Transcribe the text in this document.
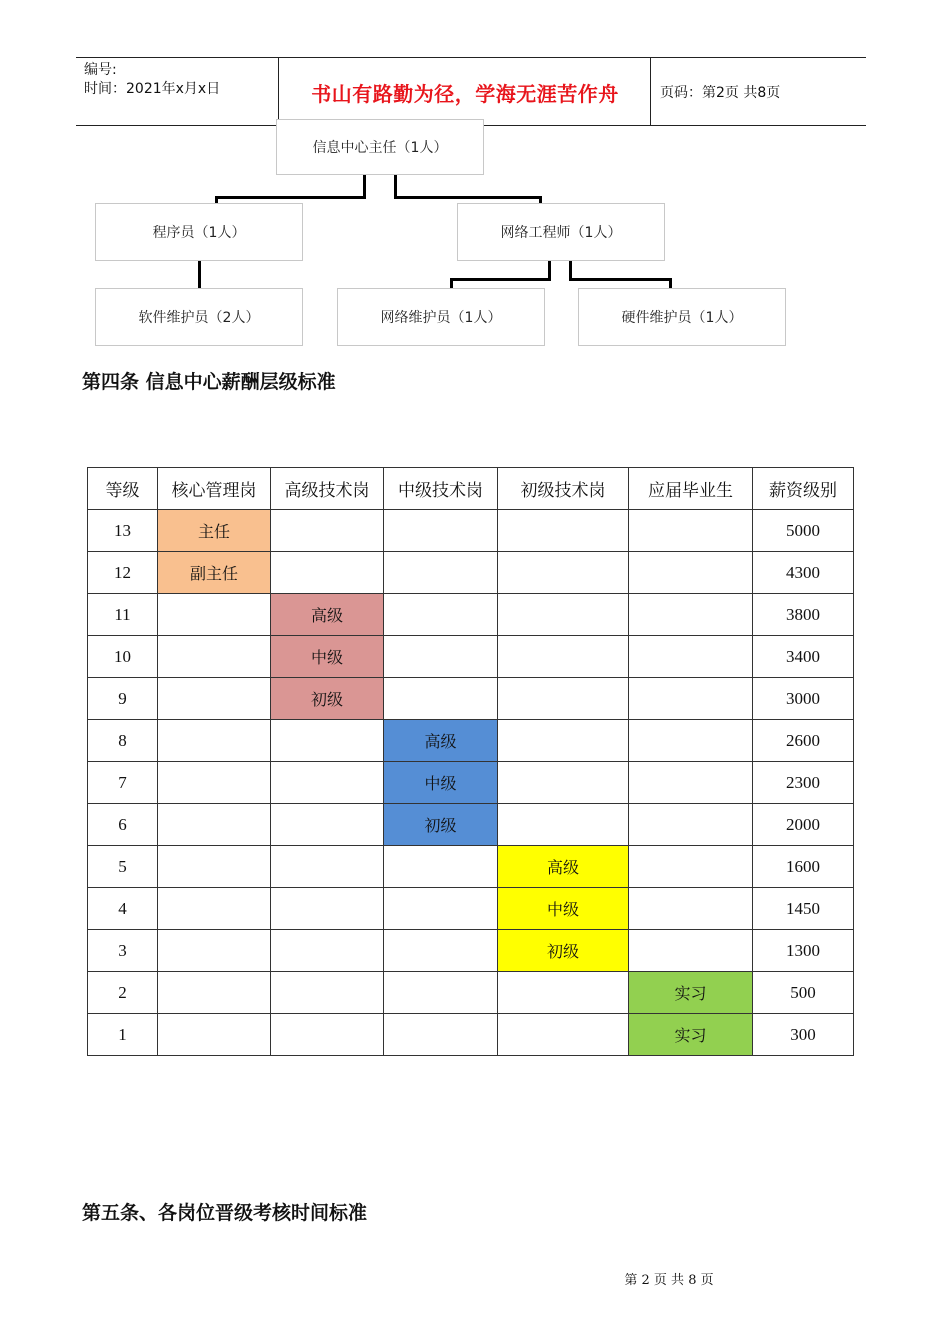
编号:
时间：2021年x月x日	书山有路勤为径，学海无涯苦作舟	页码：第2页 共8页
信息中心主任（1人）
程序员（1人）	网络工程师（1人）
软件维护员（2人）	网络维护员（1人）	硬件维护员（1人）
第四条 信息中心薪酬层级标准
等级	核心管理岗	高级技术岗	中级技术岗	初级技术岗	应届毕业生	薪资级别
13	主任					5000
12	副主任					4300
11		高级				3800
10		中级				3400
9		初级				3000
8			高级			2600
7			中级			2300
6			初级			2000
5				高级		1600
4				中级		1450
3				初级		1300
2					实习	500
1					实习	300
第五条、各岗位晋级考核时间标准
第 2 页 共 8 页
